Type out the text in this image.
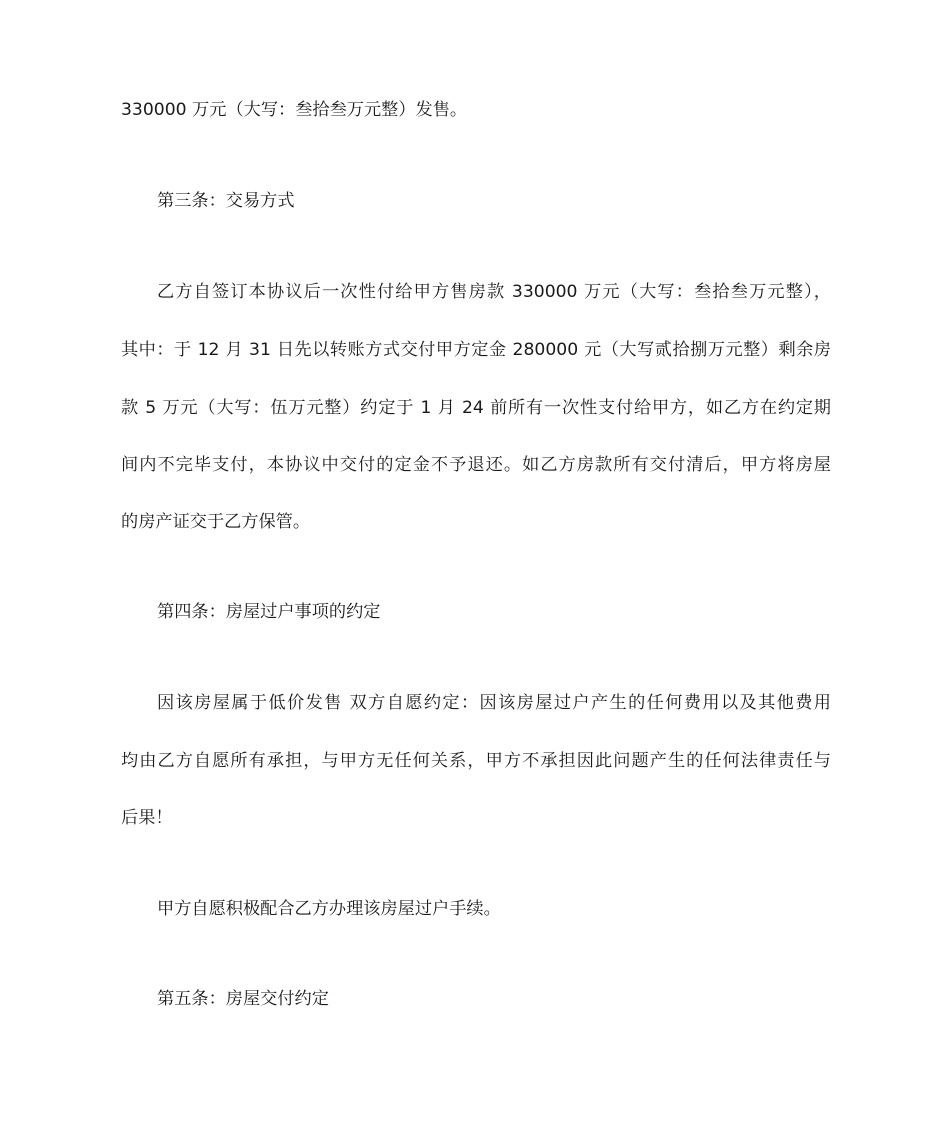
330000 万元（大写：叁拾叁万元整）发售。
第三条：交易方式
乙方自签订本协议后一次性付给甲方售房款 330000 万元（大写：叁拾叁万元整），
其中：于 12 月 31 日先以转账方式交付甲方定金 280000 元（大写贰拾捌万元整）剩余房
款 5 万元（大写：伍万元整）约定于 1 月 24 前所有一次性支付给甲方，如乙方在约定期
间内不完毕支付，本协议中交付的定金不予退还。如乙方房款所有交付清后，甲方将房屋
的房产证交于乙方保管。
第四条：房屋过户事项的约定
因该房屋属于低价发售 双方自愿约定：因该房屋过户产生的任何费用以及其他费用
均由乙方自愿所有承担，与甲方无任何关系，甲方不承担因此问题产生的任何法律责任与
后果！
甲方自愿积极配合乙方办理该房屋过户手续。
第五条：房屋交付约定
